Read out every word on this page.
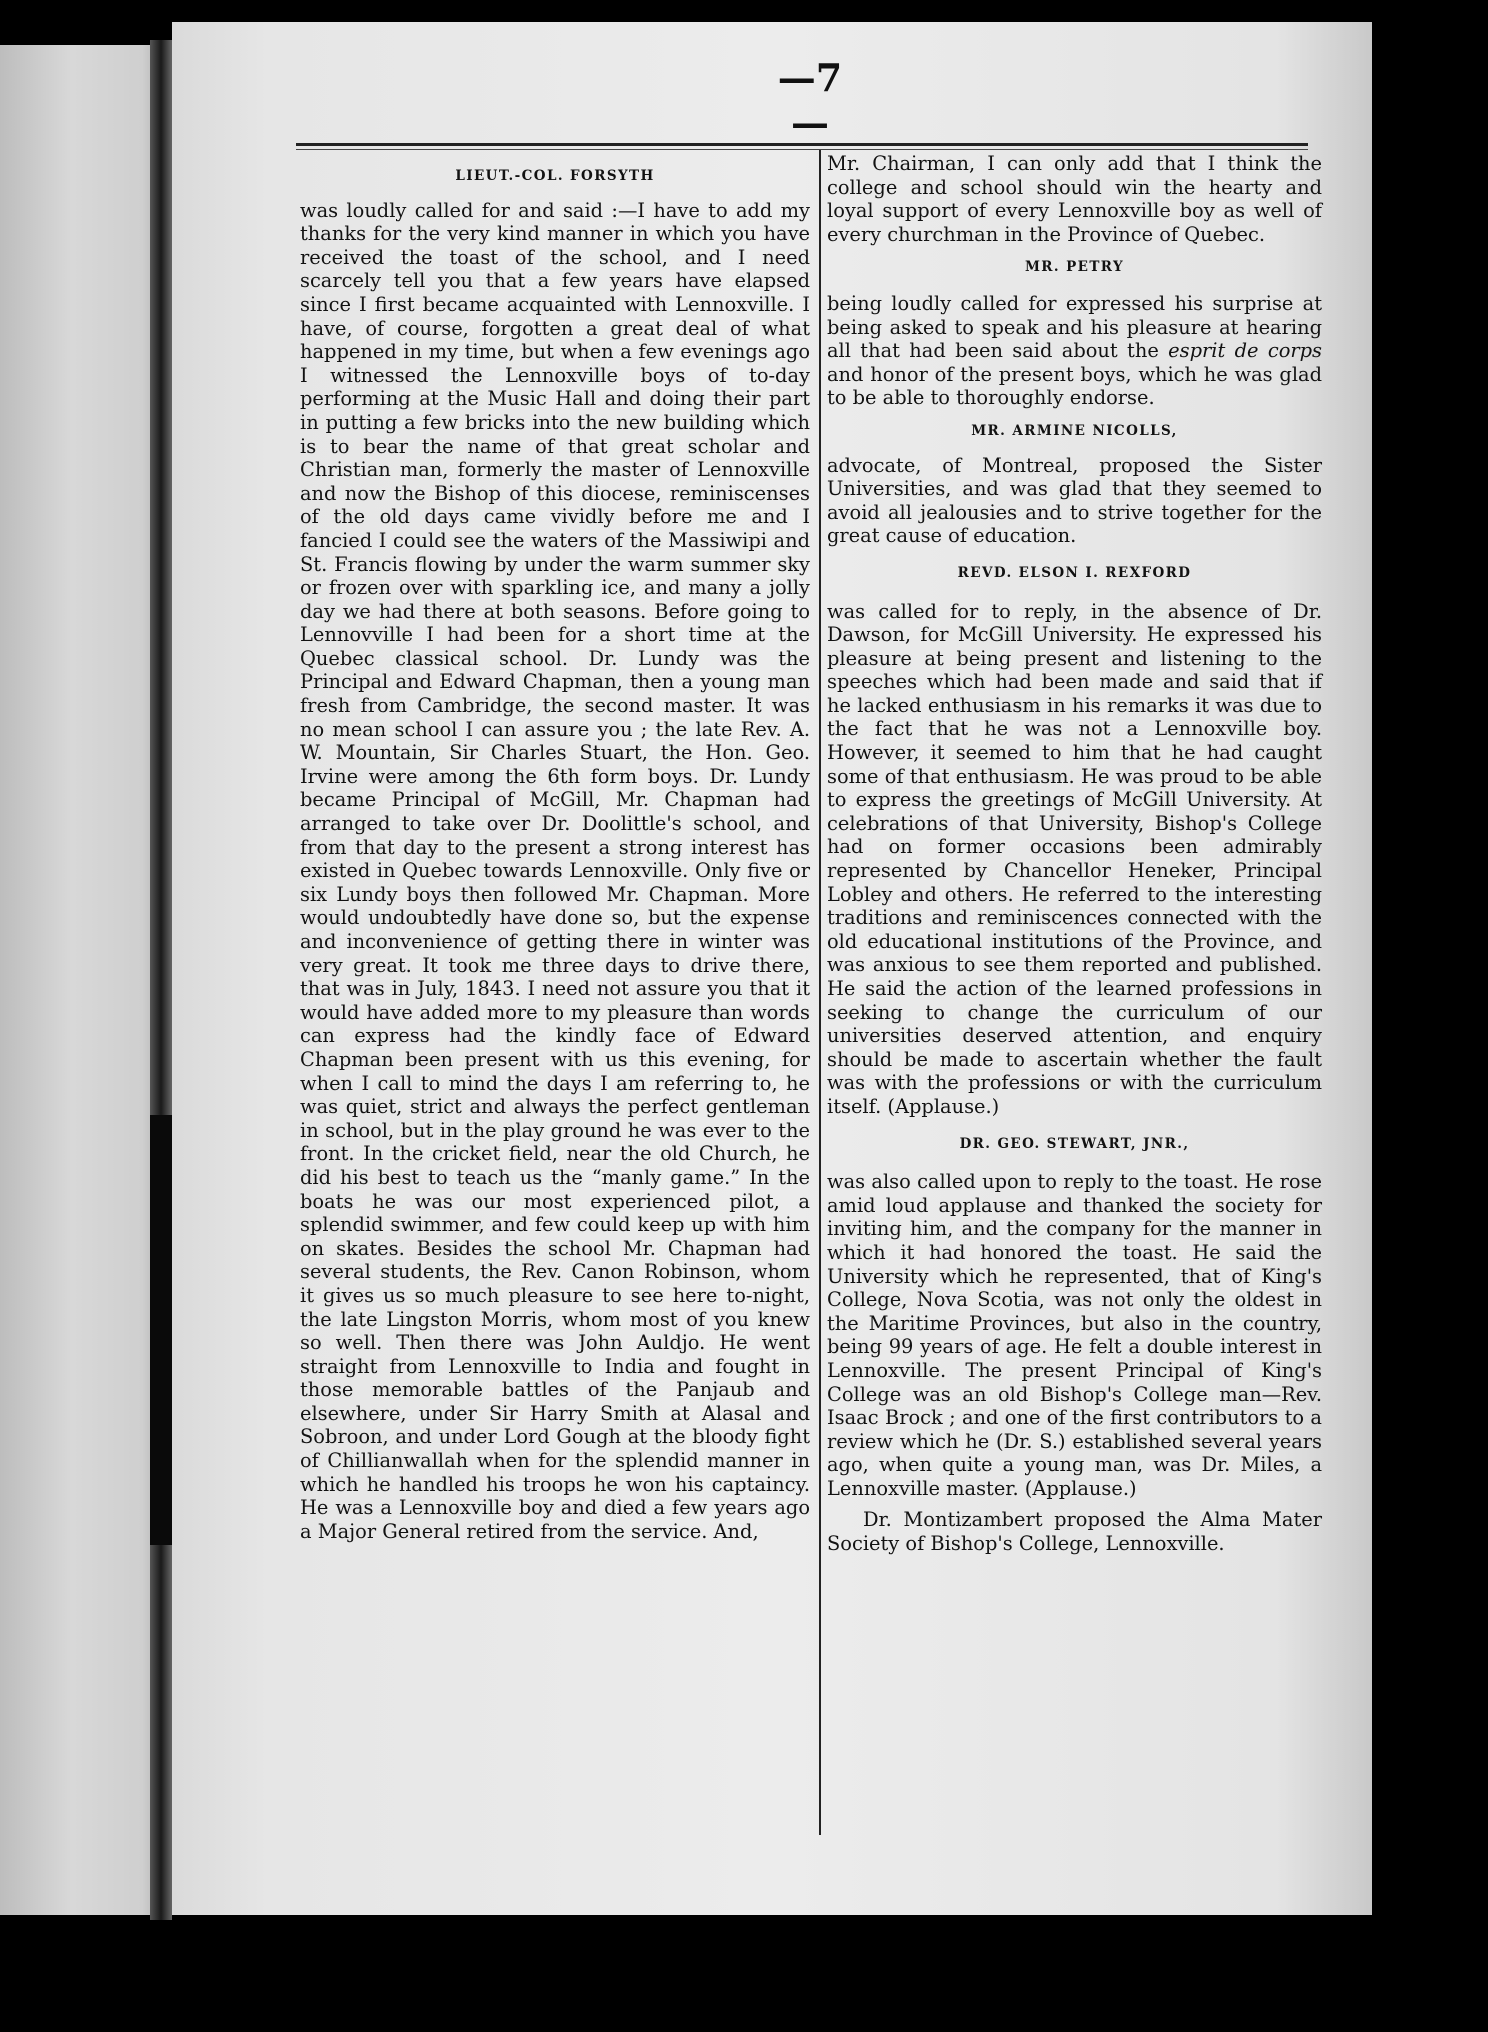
—7—
LIEUT.-COL. FORSYTH
was loudly called for and said :—I have to add my thanks for the very kind manner in which you have received the toast of the school, and I need scarcely tell you that a few years have elapsed since I first became acquainted with Lennoxville. I have, of course, forgotten a great deal of what happened in my time, but when a few evenings ago I witnessed the Lennoxville boys of to-day performing at the Music Hall and doing their part in putting a few bricks into the new building which is to bear the name of that great scholar and Christian man, formerly the master of Lennoxville and now the Bishop of this diocese, reminiscenses of the old days came vividly before me and I fancied I could see the waters of the Massiwipi and St. Francis flowing by under the warm summer sky or frozen over with sparkling ice, and many a jolly day we had there at both seasons. Before going to Lennovville I had been for a short time at the Quebec classical school. Dr. Lundy was the Principal and Edward Chapman, then a young man fresh from Cambridge, the second master. It was no mean school I can assure you ; the late Rev. A. W. Mountain, Sir Charles Stuart, the Hon. Geo. Irvine were among the 6th form boys. Dr. Lundy became Principal of McGill, Mr. Chapman had arranged to take over Dr. Doolittle's school, and from that day to the present a strong interest has existed in Quebec towards Lennoxville. Only five or six Lundy boys then followed Mr. Chapman. More would undoubtedly have done so, but the expense and inconvenience of getting there in winter was very great. It took me three days to drive there, that was in July, 1843. I need not assure you that it would have added more to my pleasure than words can express had the kindly face of Edward Chapman been present with us this evening, for when I call to mind the days I am referring to, he was quiet, strict and always the perfect gentleman in school, but in the play ground he was ever to the front. In the cricket field, near the old Church, he did his best to teach us the “manly game.” In the boats he was our most experienced pilot, a splendid swimmer, and few could keep up with him on skates. Besides the school Mr. Chapman had several students, the Rev. Canon Robinson, whom it gives us so much pleasure to see here to-night, the late Lingston Morris, whom most of you knew so well. Then there was John Auldjo. He went straight from Lennoxville to India and fought in those memorable battles of the Panjaub and elsewhere, under Sir Harry Smith at Alasal and Sobroon, and under Lord Gough at the bloody fight of Chillianwallah when for the splendid manner in which he handled his troops he won his captaincy. He was a Lennoxville boy and died a few years ago a Major General retired from the service. And,
Mr. Chairman, I can only add that I think the college and school should win the hearty and loyal support of every Lennoxville boy as well of every churchman in the Province of Quebec.
MR. PETRY
being loudly called for expressed his surprise at being asked to speak and his pleasure at hearing all that had been said about the esprit de corps and honor of the present boys, which he was glad to be able to thoroughly endorse.
MR. ARMINE NICOLLS,
advocate, of Montreal, proposed the Sister Universities, and was glad that they seemed to avoid all jealousies and to strive together for the great cause of education.
REVD. ELSON I. REXFORD
was called for to reply, in the absence of Dr. Dawson, for McGill University. He expressed his pleasure at being present and listening to the speeches which had been made and said that if he lacked enthusiasm in his remarks it was due to the fact that he was not a Lennoxville boy. However, it seemed to him that he had caught some of that enthusiasm. He was proud to be able to express the greetings of McGill University. At celebrations of that University, Bishop's College had on former occasions been admirably represented by Chancellor Heneker, Principal Lobley and others. He referred to the interesting traditions and reminiscences connected with the old educational institutions of the Province, and was anxious to see them reported and published. He said the action of the learned professions in seeking to change the curriculum of our universities deserved attention, and enquiry should be made to ascertain whether the fault was with the professions or with the curriculum itself. (Applause.)
DR. GEO. STEWART, JNR.,
was also called upon to reply to the toast. He rose amid loud applause and thanked the society for inviting him, and the company for the manner in which it had honored the toast. He said the University which he represented, that of King's College, Nova Scotia, was not only the oldest in the Maritime Provinces, but also in the country, being 99 years of age. He felt a double interest in Lennoxville. The present Principal of King's College was an old Bishop's College man—Rev. Isaac Brock ; and one of the first contributors to a review which he (Dr. S.) established several years ago, when quite a young man, was Dr. Miles, a Lennoxville master. (Applause.)
Dr. Montizambert proposed the Alma Mater Society of Bishop's College, Lennoxville.
